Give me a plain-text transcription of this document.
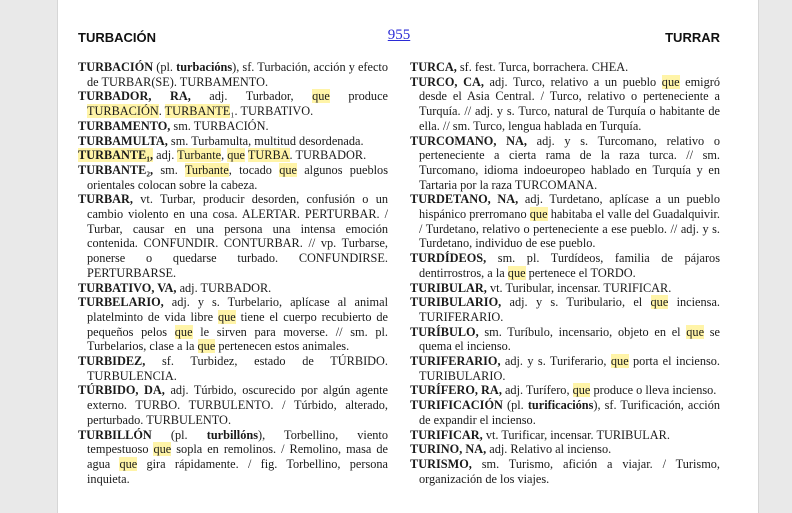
TURBACIÓN	955	TURRAR

TURBACIÓN (pl. turbacións), sf. Turbación, acción y efecto de TURBAR(SE). TURBAMENTO.

TURBADOR, RA, adj. Turbador, que produce TURBACIÓN. TURBANTE₁. TURBATIVO.

TURBAMENTO, sm. TURBACIÓN.

TURBAMULTA, sm. Turbamulta, multitud desordenada.

TURBANTE₁, adj. Turbante, que TURBA. TURBADOR.

TURBANTE₂, sm. Turbante, tocado que algunos pueblos orientales colocan sobre la cabeza.

TURBAR, vt. Turbar, producir desorden, confusión o un cambio violento en una cosa. ALERTAR. PERTURBAR. / Turbar, causar en una persona una intensa emoción contenida. CONFUNDIR. CONTURBAR. // vp. Turbarse, ponerse o quedarse turbado. CONFUNDIRSE. PERTURBARSE.

TURBATIVO, VA, adj. TURBADOR.

TURBELARIO, adj. y s. Turbelario, aplícase al animal platelminto de vida libre que tiene el cuerpo recubierto de pequeños pelos que le sirven para moverse. // sm. pl. Turbelarios, clase a la que pertenecen estos animales.

TURBIDEZ, sf. Turbidez, estado de TÚRBIDO. TURBULENCIA.

TÚRBIDO, DA, adj. Túrbido, oscurecido por algún agente externo. TURBO. TURBULENTO. / Túrbido, alterado, perturbado. TURBULENTO.

TURBILLÓN (pl. turbillóns), Torbellino, viento tempestuoso que sopla en remolinos. / Remolino, masa de agua que gira rápidamente. / fig. Torbellino, persona inquieta.

TURCA, sf. fest. Turca, borrachera. CHEA.

TURCO, CA, adj. Turco, relativo a un pueblo que emigró desde el Asia Central. / Turco, relativo o perteneciente a Turquía. // adj. y s. Turco, natural de Turquía o habitante de ella. // sm. Turco, lengua hablada en Turquía.

TURCOMANO, NA, adj. y s. Turcomano, relativo o perteneciente a cierta rama de la raza turca. // sm. Turcomano, idioma indoeuropeo hablado en Turquía y en Tartaria por la raza TURCOMANA.

TURDETANO, NA, adj. Turdetano, aplícase a un pueblo hispánico prerromano que habitaba el valle del Guadalquivir. / Turdetano, relativo o perteneciente a ese pueblo. // adj. y s. Turdetano, individuo de ese pueblo.

TURDÍDEOS, sm. pl. Turdídeos, familia de pájaros dentirrostros, a la que pertenece el TORDO.

TURIBULAR, vt. Turibular, incensar. TURIFICAR.

TURIBULARIO, adj. y s. Turibulario, el que inciensa. TURIFERARIO.

TURÍBULO, sm. Turíbulo, incensario, objeto en el que se quema el incienso.

TURIFERARIO, adj. y s. Turiferario, que porta el incienso. TURIBULARIO.

TURÍFERO, RA, adj. Turífero, que produce o lleva incienso.

TURIFICACIÓN (pl. turificacións), sf. Turificación, acción de expandir el incienso.

TURIFICAR, vt. Turificar, incensar. TURIBULAR.

TURINO, NA, adj. Relativo al incienso.

TURISMO, sm. Turismo, afición a viajar. / Turismo, organización de los viajes.
